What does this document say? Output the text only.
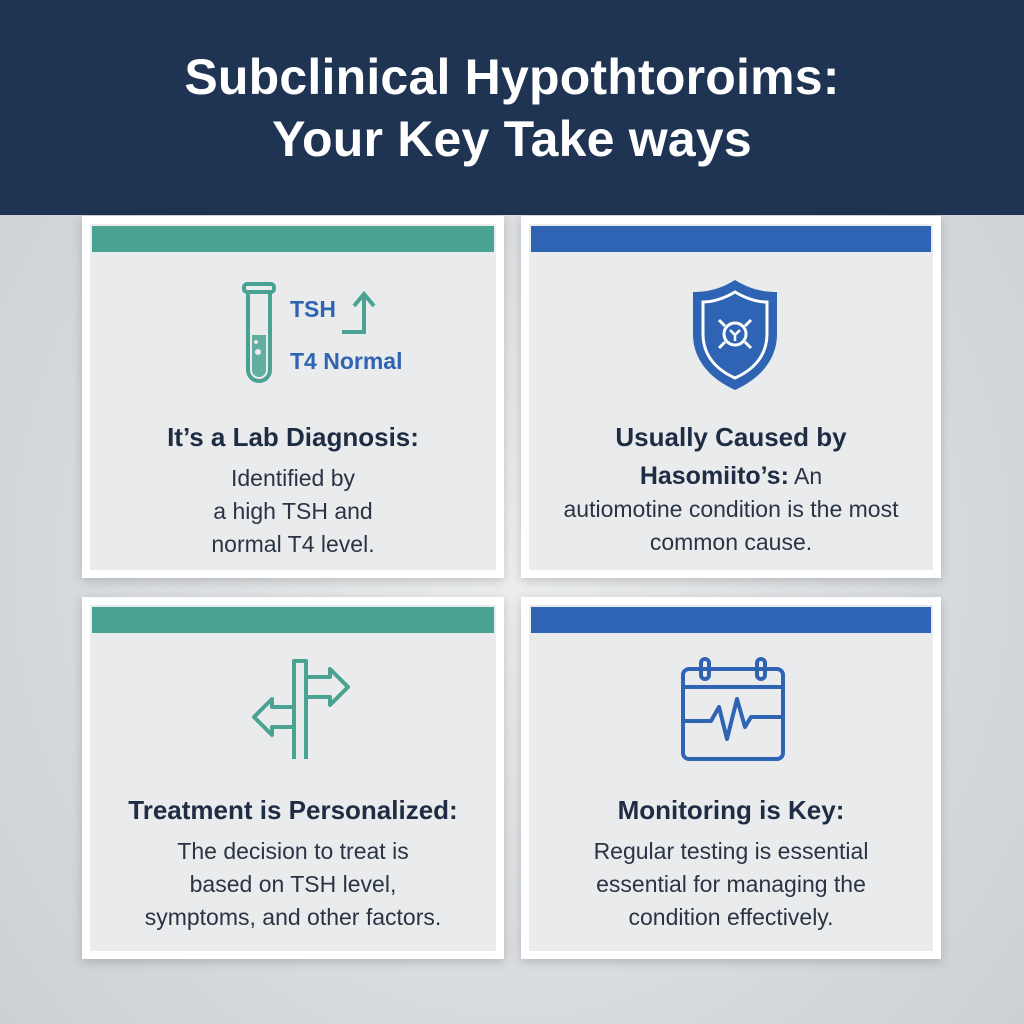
Subclinical Hypothtoroims:
Your Key Take ways
TSH
T4 Normal
It’s a Lab Diagnosis:
Identified by
a high TSH and
normal T4 level.
Usually Caused by
Hasomiito’s: An
autiomotine condition is the most
common cause.
Treatment is Personalized:
The decision to treat is
based on TSH level,
symptoms, and other factors.
Monitoring is Key:
Regular testing is essential
essential for managing the
condition effectively.
